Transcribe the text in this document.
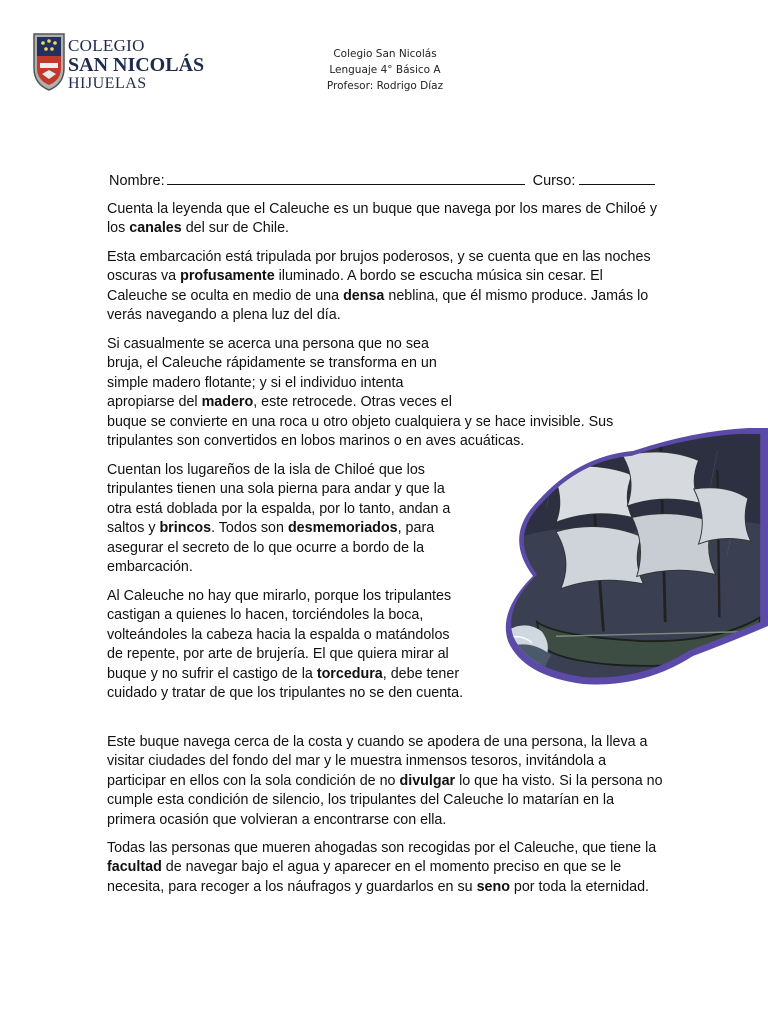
COLEGIO
SAN NICOLÁS
HIJUELAS
Colegio San Nicolás
Lenguaje 4° Básico A
Profesor: Rodrigo Díaz
Nombre:	Curso:

Cuenta la leyenda que el Caleuche es un buque que navega por los mares de Chiloé y los canales del sur de Chile.

Esta embarcación está tripulada por brujos poderosos, y se cuenta que en las noches oscuras va profusamente iluminado. A bordo se escucha música sin cesar. El Caleuche se oculta en medio de una densa neblina, que él mismo produce. Jamás lo verás navegando a plena luz del día.

Si casualmente se acerca una persona que no sea bruja, el Caleuche rápidamente se transforma en un simple madero flotante; y si el individuo intenta apropiarse del madero, este retrocede. Otras veces el buque se convierte en una roca u otro objeto cualquiera y se hace invisible. Sus tripulantes son convertidos en lobos marinos o en aves acuáticas.

Cuentan los lugareños de la isla de Chiloé que los tripulantes tienen una sola pierna para andar y que la otra está doblada por la espalda, por lo tanto, andan a saltos y brincos. Todos son desmemoriados, para asegurar el secreto de lo que ocurre a bordo de la embarcación.

Al Caleuche no hay que mirarlo, porque los tripulantes castigan a quienes lo hacen, torciéndoles la boca, volteándoles la cabeza hacia la espalda o matándolos de repente, por arte de brujería. El que quiera mirar al buque y no sufrir el castigo de la torcedura, debe tener cuidado y tratar de que los tripulantes no se den cuenta.

Este buque navega cerca de la costa y cuando se apodera de una persona, la lleva a visitar ciudades del fondo del mar y le muestra inmensos tesoros, invitándola a participar en ellos con la sola condición de no divulgar lo que ha visto. Si la persona no cumple esta condición de silencio, los tripulantes del Caleuche lo matarían en la primera ocasión que volvieran a encontrarse con ella.

Todas las personas que mueren ahogadas son recogidas por el Caleuche, que tiene la facultad de navegar bajo el agua y aparecer en el momento preciso en que se le necesita, para recoger a los náufragos y guardarlos en su seno por toda la eternidad.
